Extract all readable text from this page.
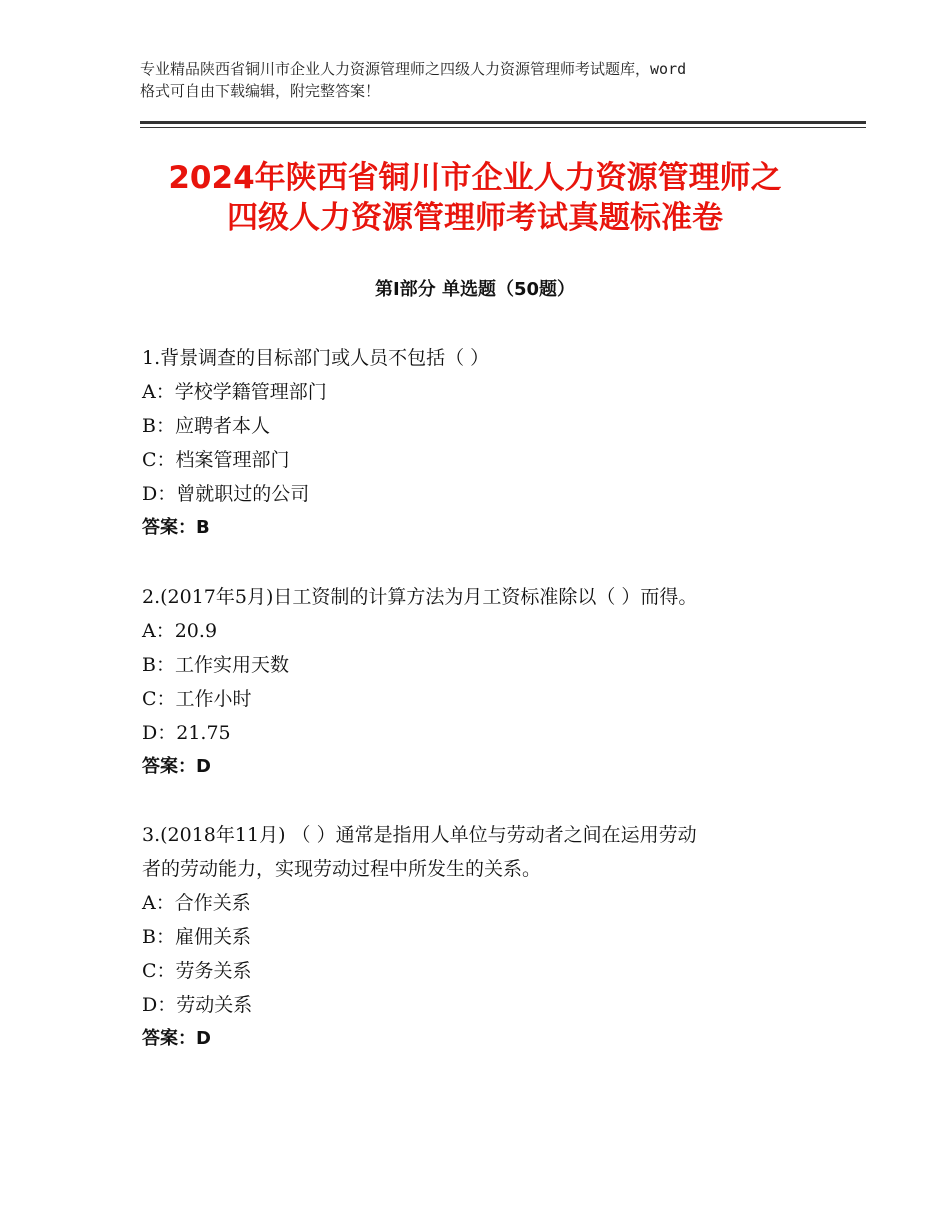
专业精品陕西省铜川市企业人力资源管理师之四级人力资源管理师考试题库，word
格式可自由下载编辑，附完整答案！
2024年陕西省铜川市企业人力资源管理师之
四级人力资源管理师考试真题标准卷
第Ⅰ部分 单选题（50题）
1.背景调查的目标部门或人员不包括（ ）
A：学校学籍管理部门
B：应聘者本人
C：档案管理部门
D：曾就职过的公司
答案：B
2.(2017年5月)日工资制的计算方法为月工资标准除以（ ）而得。
A：20.9
B：工作实用天数
C：工作小时
D：21.75
答案：D
3.(2018年11月) （ ）通常是指用人单位与劳动者之间在运用劳动
者的劳动能力，实现劳动过程中所发生的关系。
A：合作关系
B：雇佣关系
C：劳务关系
D：劳动关系
答案：D
